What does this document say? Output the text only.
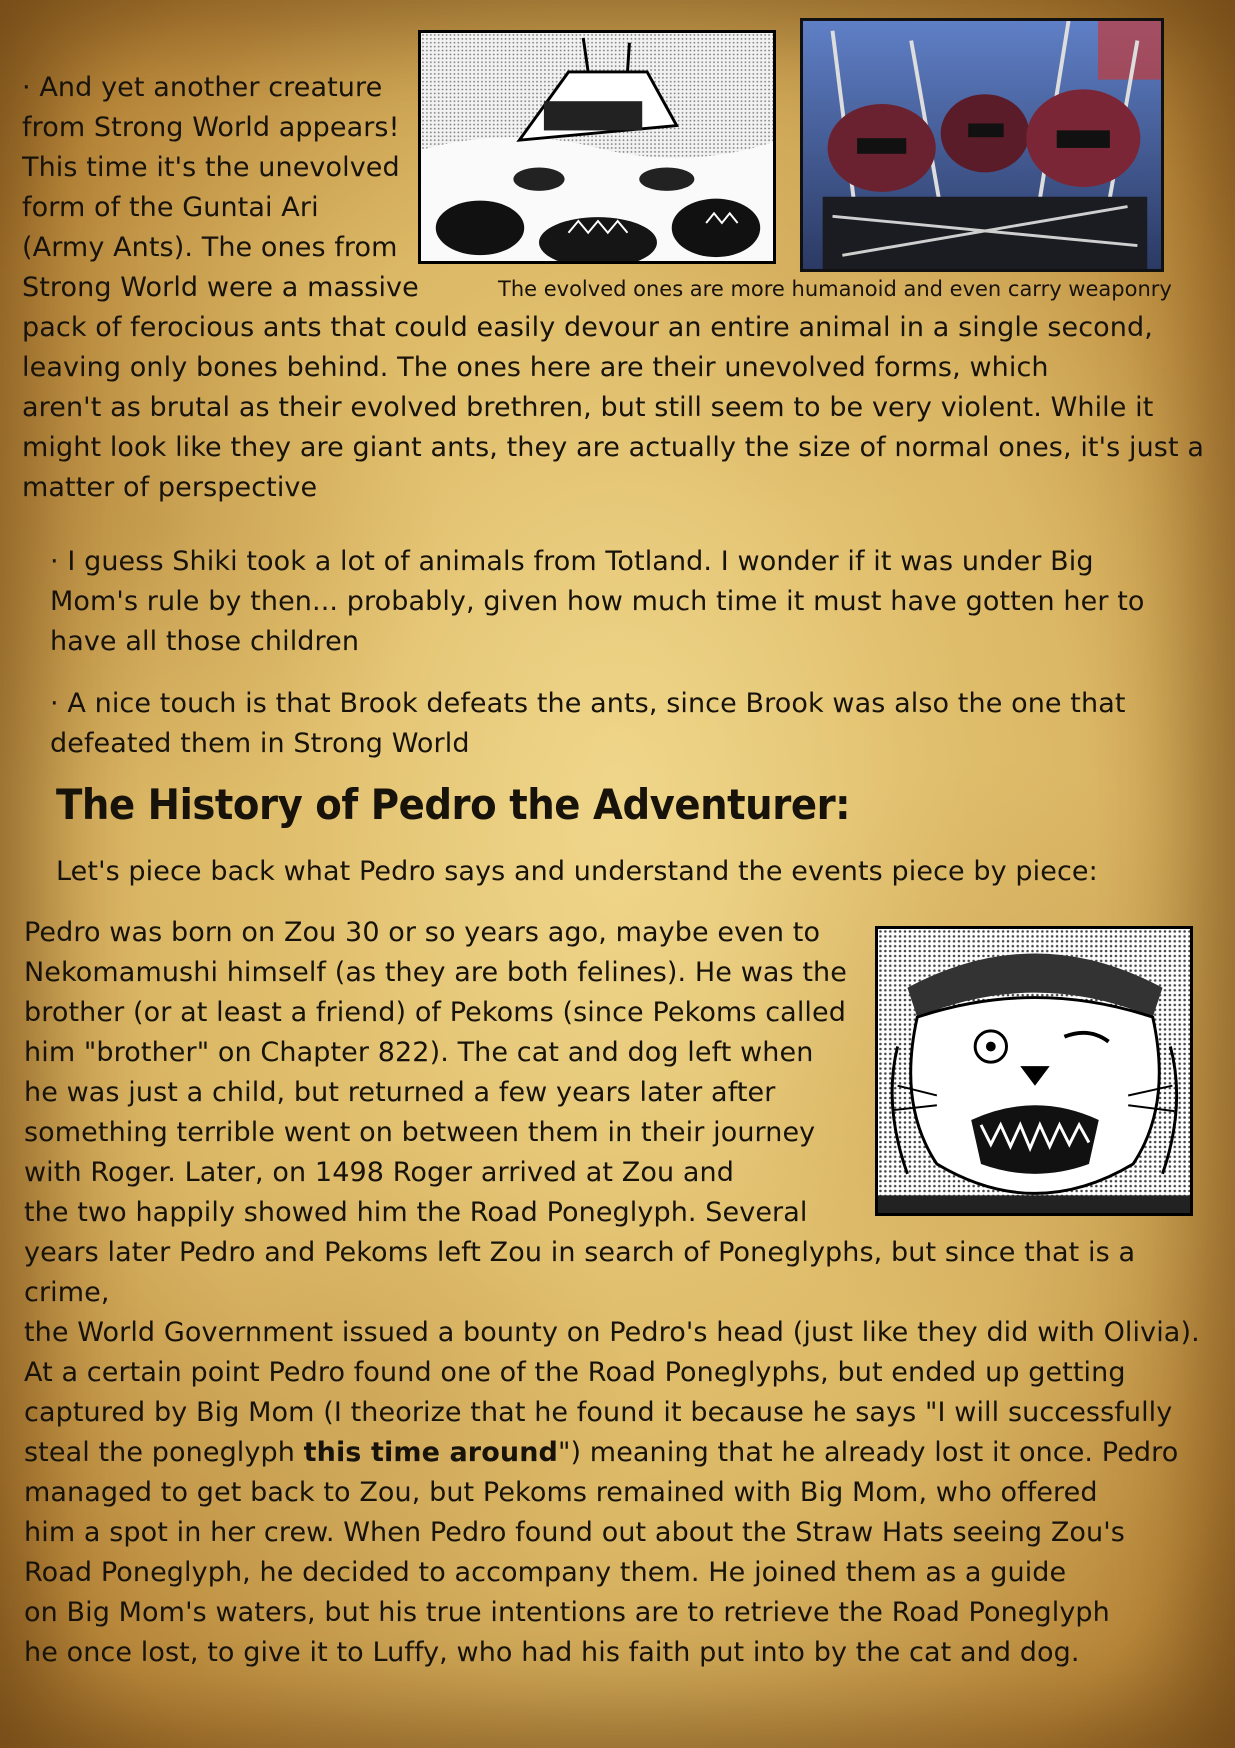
· And yet another creature
from Strong World appears!
This time it's the unevolved
form of the Guntai Ari
(Army Ants). The ones from
Strong World were a massive	The evolved ones are more humanoid and even carry weaponry
pack of ferocious ants that could easily devour an entire animal in a single second,
leaving only bones behind. The ones here are their unevolved forms, which
aren't as brutal as their evolved brethren, but still seem to be very violent. While it
might look like they are giant ants, they are actually the size of normal ones, it's just a
matter of perspective
· I guess Shiki took a lot of animals from Totland. I wonder if it was under Big
Mom's rule by then... probably, given how much time it must have gotten her to
have all those children
· A nice touch is that Brook defeats the ants, since Brook was also the one that
defeated them in Strong World
The History of Pedro the Adventurer:
Let's piece back what Pedro says and understand the events piece by piece:
Pedro was born on Zou 30 or so years ago, maybe even to
Nekomamushi himself (as they are both felines). He was the
brother (or at least a friend) of Pekoms (since Pekoms called
him "brother" on Chapter 822). The cat and dog left when
he was just a child, but returned a few years later after
something terrible went on between them in their journey
with Roger. Later, on 1498 Roger arrived at Zou and
the two happily showed him the Road Poneglyph. Several
years later Pedro and Pekoms left Zou in search of Poneglyphs, but since that is a crime,
the World Government issued a bounty on Pedro's head (just like they did with Olivia).
At a certain point Pedro found one of the Road Poneglyphs, but ended up getting
captured by Big Mom (I theorize that he found it because he says "I will successfully
steal the poneglyph this time around") meaning that he already lost it once. Pedro
managed to get back to Zou, but Pekoms remained with Big Mom, who offered
him a spot in her crew. When Pedro found out about the Straw Hats seeing Zou's
Road Poneglyph, he decided to accompany them. He joined them as a guide
on Big Mom's waters, but his true intentions are to retrieve the Road Poneglyph
he once lost, to give it to Luffy, who had his faith put into by the cat and dog.
